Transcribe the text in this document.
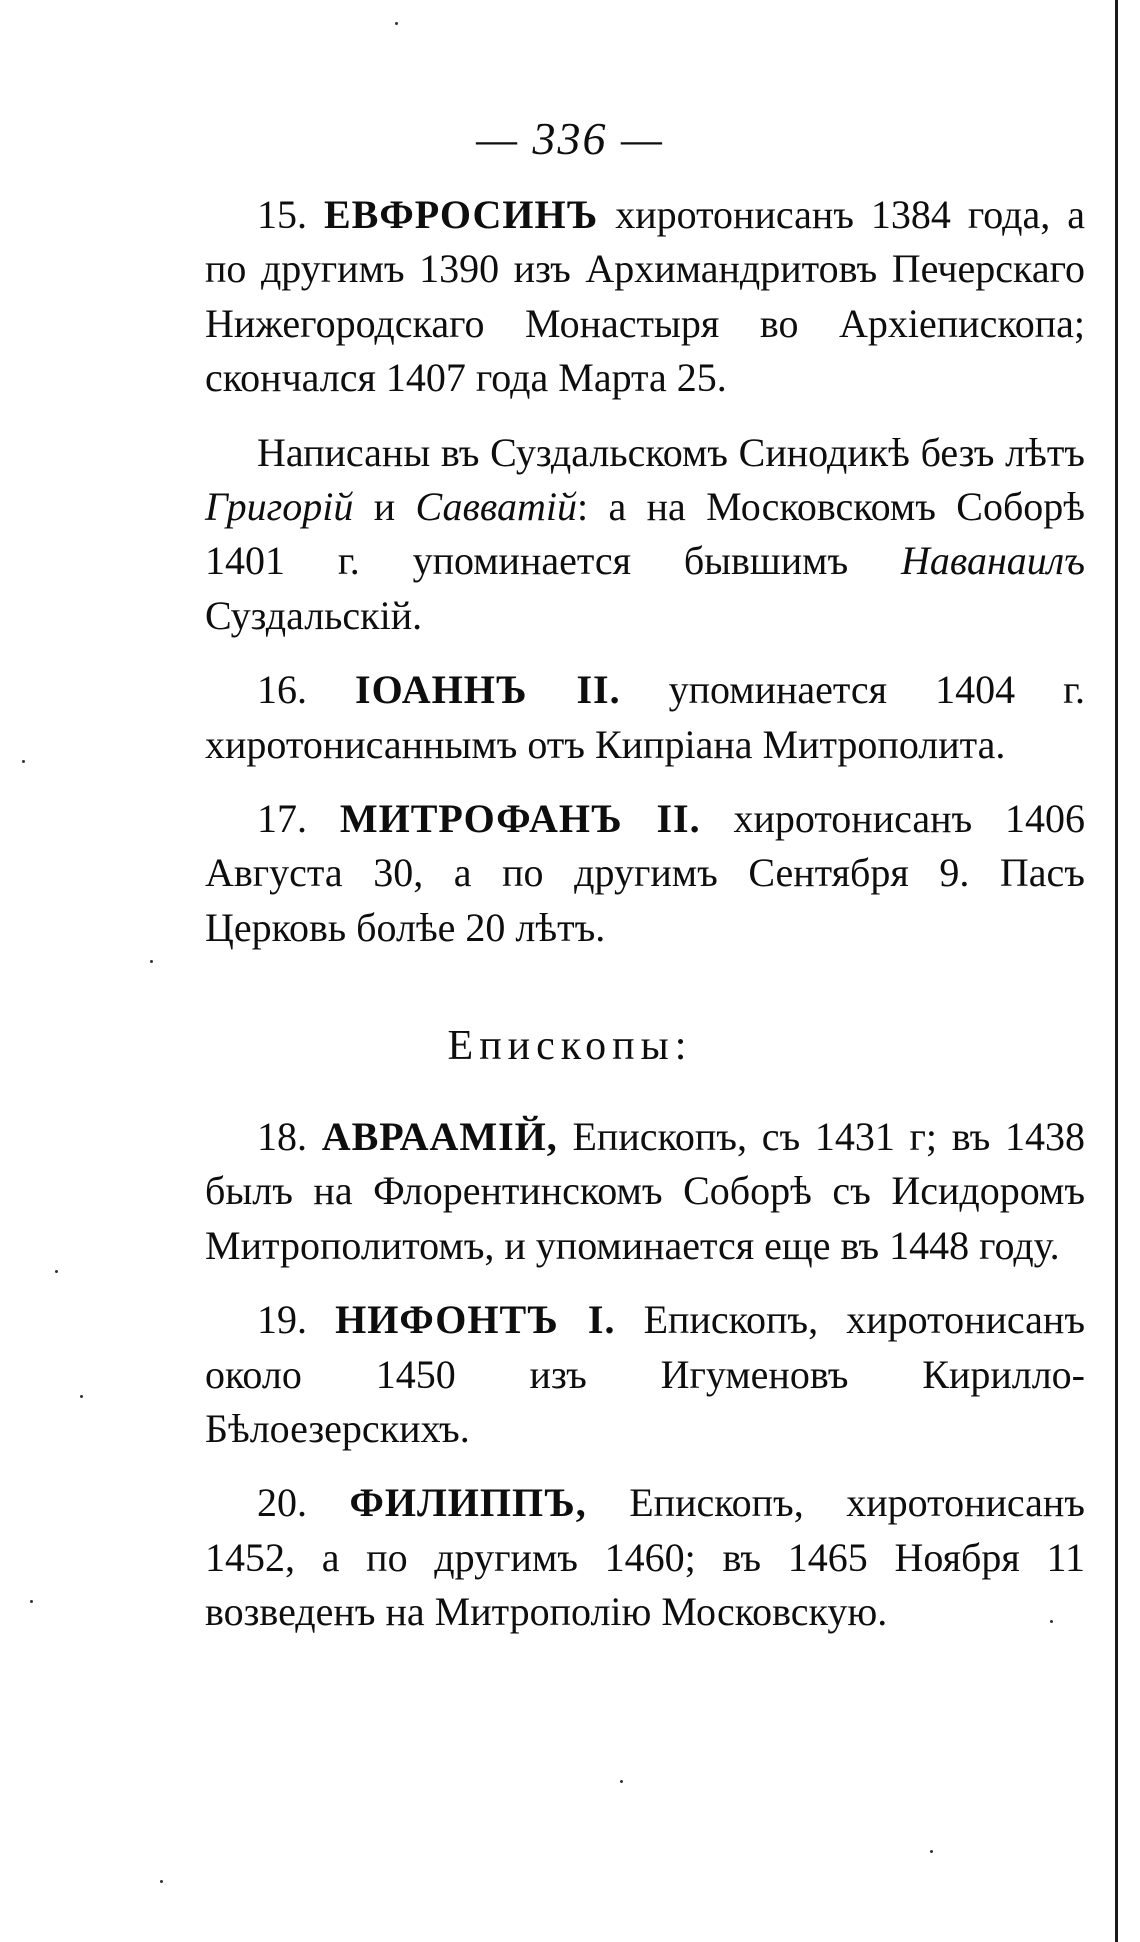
— 336 —

15. ЕВФРОСИНЪ хиротонисанъ 1384 года, а по другимъ 1390 изъ Архимандритовъ Печерскаго Нижегородскаго Монастыря во Архіепископа; скончался 1407 года Марта 25.

Написаны въ Суздальскомъ Синодикѣ безъ лѣтъ Григорій и Савватій: а на Московскомъ Соборѣ 1401 г. упоминается бывшимъ Наванаилъ Суздальскій.

16. ІОАННЪ II. упоминается 1404 г. хиротонисаннымъ отъ Кипріана Митрополита.

17. МИТРОФАНЪ II. хиротонисанъ 1406 Августа 30, а по другимъ Сентября 9. Пасъ Церковь болѣе 20 лѣтъ.

Епископы:

18. АВРААМІЙ, Епископъ, съ 1431 г; въ 1438 былъ на Флорентинскомъ Соборѣ съ Исидоромъ Митрополитомъ, и упоминается еще въ 1448 году.

19. НИФОНТЪ I. Епископъ, хиротонисанъ около 1450 изъ Игуменовъ Кирилло-Бѣлоезерскихъ.

20. ФИЛИППЪ, Епископъ, хиротонисанъ 1452, а по другимъ 1460; въ 1465 Ноября 11 возведенъ на Митрополію Московскую.
